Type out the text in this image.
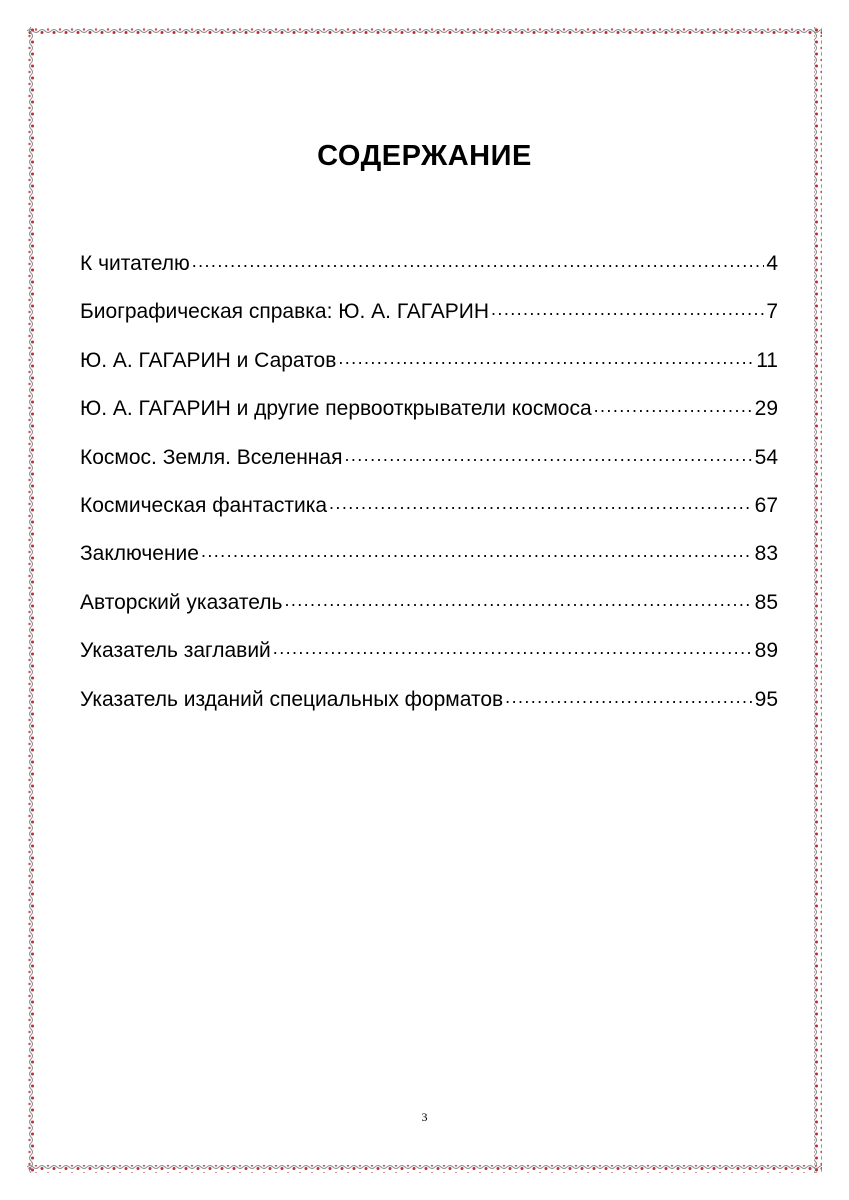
СОДЕРЖАНИЕ
К читателю .....	4
Биографическая справка: Ю. А. ГАГАРИН .....	7
Ю. А. ГАГАРИН и Саратов .....	11
Ю. А. ГАГАРИН и другие первооткрыватели космоса .....	29
Космос. Земля. Вселенная .....	54
Космическая фантастика .....	67
Заключение .....	83
Авторский указатель .....	85
Указатель заглавий .....	89
Указатель изданий специальных форматов .....	95
3
